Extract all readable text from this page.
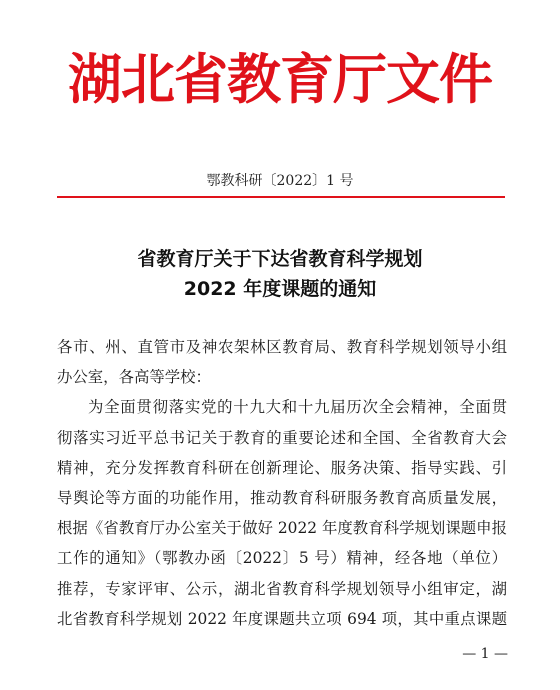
湖北省教育厅文件
鄂教科研〔2022〕1 号
省教育厅关于下达省教育科学规划
2022 年度课题的通知
各市、州、直管市及神农架林区教育局、教育科学规划领导小组
办公室，各高等学校：
为全面贯彻落实党的十九大和十九届历次全会精神，全面贯
彻落实习近平总书记关于教育的重要论述和全国、全省教育大会
精神，充分发挥教育科研在创新理论、服务决策、指导实践、引
导舆论等方面的功能作用，推动教育科研服务教育高质量发展，
根据《省教育厅办公室关于做好 2022 年度教育科学规划课题申报
工作的通知》（鄂教办函〔2022〕5 号）精神，经各地（单位）
推荐，专家评审、公示，湖北省教育科学规划领导小组审定，湖
北省教育科学规划 2022 年度课题共立项 694 项，其中重点课题
— 1 —
